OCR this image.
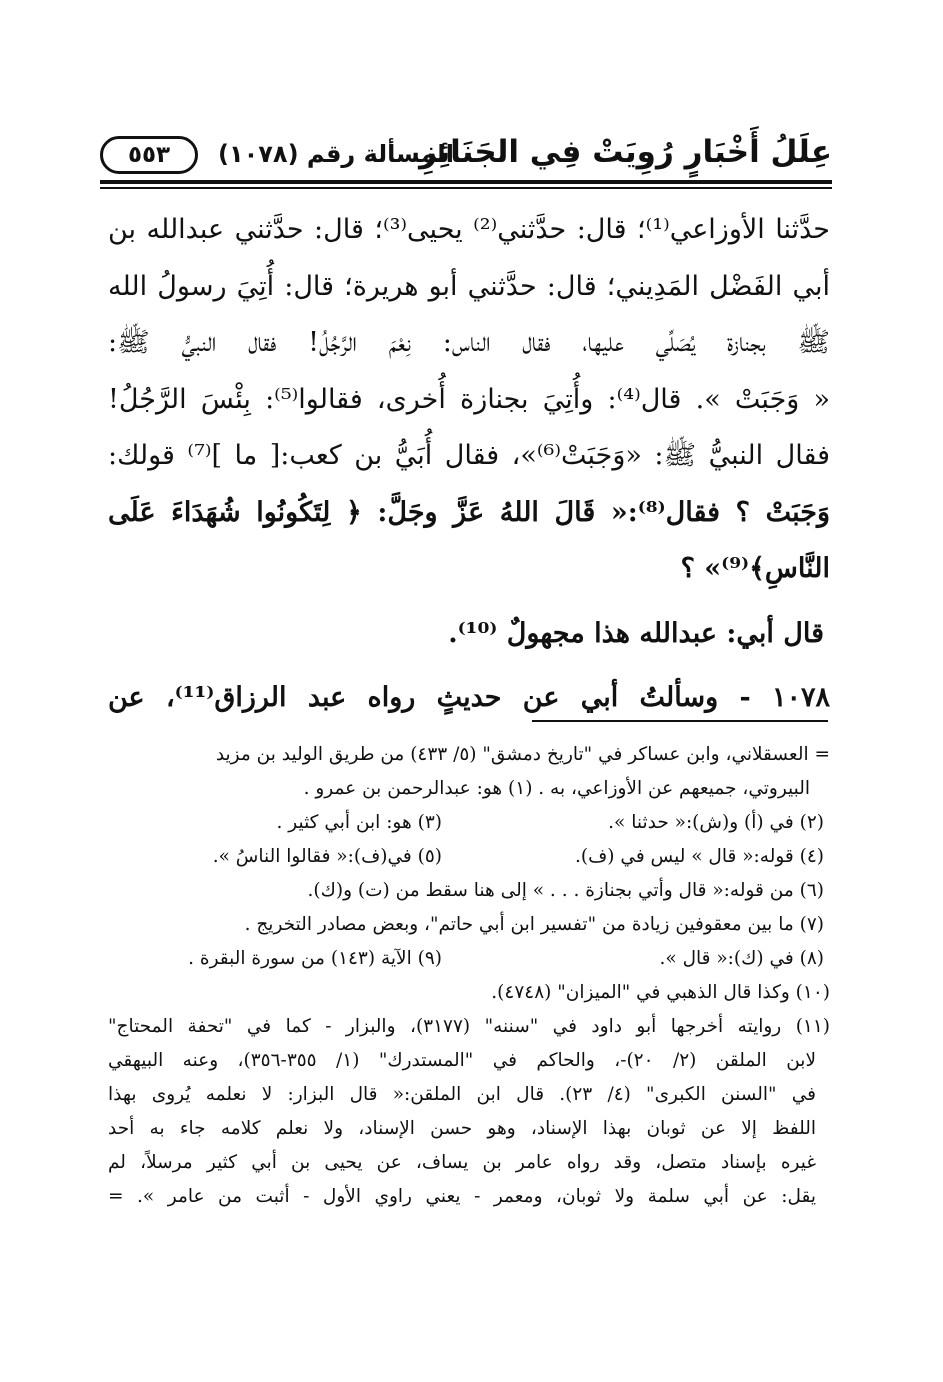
عِلَلُ أَخْبَارٍ رُوِيَتْ فِي الجَنَائِزِ
المسألة رقم (١٠٧٨)
٥٥٣

حدَّثنا الأوزاعي⁽¹⁾؛ قال: حدَّثني⁽²⁾ يحيى⁽³⁾؛ قال: حدَّثني عبدالله بن
أبي الفَضْل المَدِيني؛ قال: حدَّثني أبو هريرة؛ قال: أُتِيَ رسولُ الله
ﷺ بجنازة يُصَلِّي عليها، فقال الناس: نِعْمَ الرَّجُلُ! فقال النبيُّ ﷺ:
« وَجَبَتْ ». قال⁽⁴⁾: وأُتِيَ بجنازة أُخرى، فقالوا⁽⁵⁾: بِئْسَ الرَّجُلُ!
فقال النبيُّ ﷺ: «وَجَبَتْ⁽⁶⁾»، فقال أُبَيُّ بن كعب:[ ما ]⁽⁷⁾ قولك:
وَجَبَتْ ؟ فقال⁽⁸⁾:« قَالَ اللهُ عَزَّ وجَلَّ: ﴿ لِتَكُونُوا شُهَدَاءَ عَلَى
النَّاسِ﴾⁽⁹⁾» ؟

قال أبي: عبدالله هذا مجهولٌ ⁽¹⁰⁾.

١٠٧٨ - وسألتُ أبي عن حديثٍ رواه عبد الرزاق⁽¹¹⁾، عن

= العسقلاني، وابن عساكر في "تاريخ دمشق" (٥/ ٤٣٣) من طريق الوليد بن مزيد
البيروتي، جميعهم عن الأوزاعي، به . (١) هو: عبدالرحمن بن عمرو .
(٢) في (أ) و(ش):« حدثنا ».
(٣) هو: ابن أبي كثير .
(٤) قوله:« قال » ليس في (ف).
(٥) في(ف):« فقالوا الناسُ ».
(٦) من قوله:« قال وأتي بجنازة . . . » إلى هنا سقط من (ت) و(ك).
(٧) ما بين معقوفين زيادة من "تفسير ابن أبي حاتم"، وبعض مصادر التخريج .
(٨) في (ك):« قال ».
(٩) الآية (١٤٣) من سورة البقرة .
(١٠) وكذا قال الذهبي في "الميزان" (٤٧٤٨).
(١١) روايته أخرجها أبو داود في "سننه" (٣١٧٧)، والبزار - كما في "تحفة المحتاج"
لابن الملقن (٢/ ٢٠)-، والحاكم في "المستدرك" (١/ ٣٥٥-٣٥٦)، وعنه البيهقي
في "السنن الكبرى" (٤/ ٢٣). قال ابن الملقن:« قال البزار: لا نعلمه يُروى بهذا
اللفظ إلا عن ثوبان بهذا الإسناد، وهو حسن الإسناد، ولا نعلم كلامه جاء به أحد
غيره بإسناد متصل، وقد رواه عامر بن يساف، عن يحيى بن أبي كثير مرسلاً، لم
يقل: عن أبي سلمة ولا ثوبان، ومعمر - يعني راوي الأول - أثبت من عامر ». =
